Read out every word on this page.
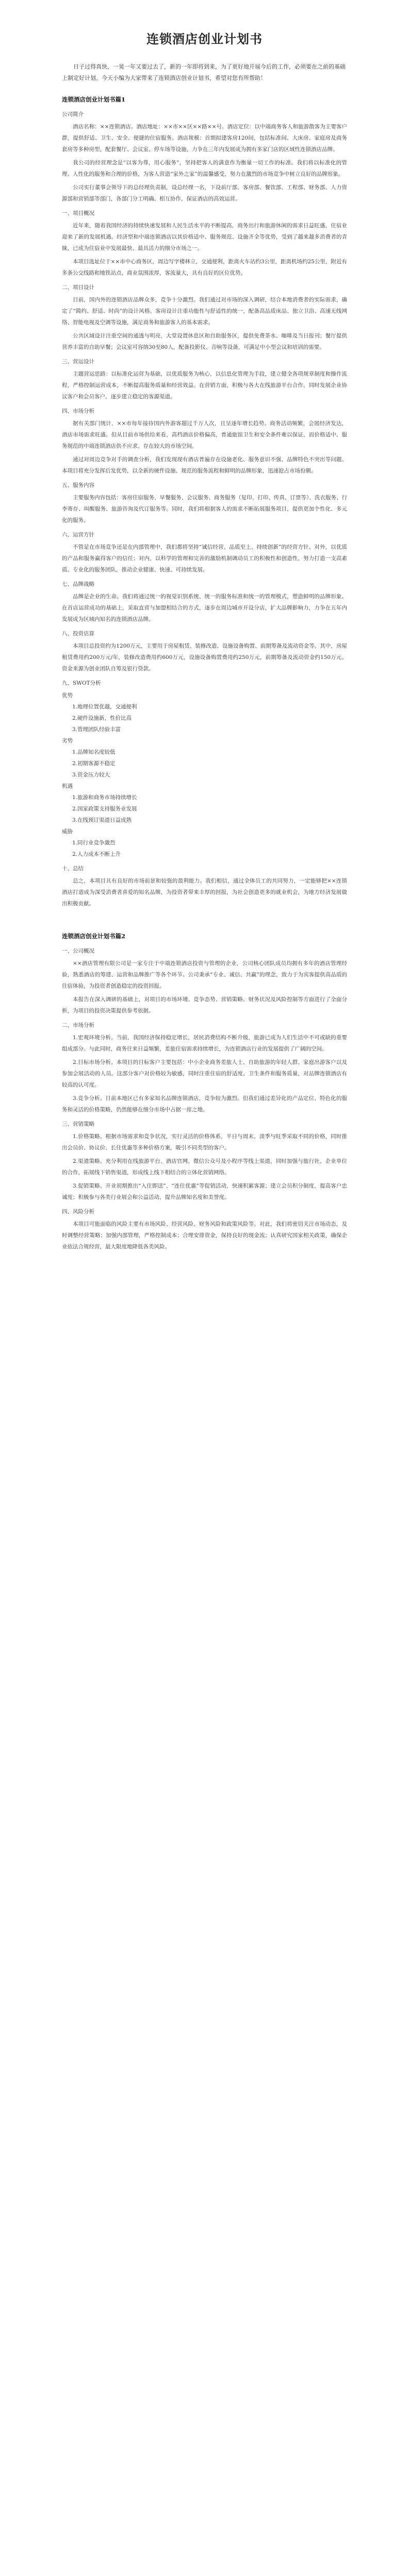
连锁酒店创业计划书

日子过得真快，一晃一年又要过去了，新的一年即将到来，为了更好地开展今后的工作，必须要在之前的基础上制定好计划。今天小编为大家带来了连锁酒店创业计划书，希望对您有所帮助！

连锁酒店创业计划书篇1

公司简介

酒店名称：××连锁酒店。酒店地址：××市××区××路××号。酒店定位：以中端商务客人和旅游散客为主要客户群，提供舒适、卫生、安全、便捷的住宿服务。酒店规模：首期拟建客房120间，包括标准间、大床房、家庭房及商务套房等多种房型，配套餐厅、会议室、停车场等设施，力争在三年内发展成为拥有多家门店的区域性连锁酒店品牌。

我公司的经营理念是“以客为尊，用心服务”，坚持把客人的满意作为衡量一切工作的标准。我们将以标准化的管理、人性化的服务和合理的价格，为客人营造“家外之家”的温馨感受，努力在激烈的市场竞争中树立良好的品牌形象。

公司实行董事会领导下的总经理负责制，设总经理一名，下设前厅部、客房部、餐饮部、工程部、财务部、人力资源部和营销部等部门，各部门分工明确、相互协作，保证酒店的高效运营。

一、项目概况

近年来，随着我国经济的持续快速发展和人民生活水平的不断提高，商务出行和旅游休闲的需求日益旺盛，住宿业迎来了新的发展机遇。经济型和中端连锁酒店以其价格适中、服务规范、设施齐全等优势，受到了越来越多消费者的青睐，已成为住宿业中发展最快、最具活力的细分市场之一。

本项目选址位于××市中心商务区，周边写字楼林立，交通便利，距离火车站约3公里，距离机场约25公里，附近有多条公交线路和地铁站点，商业氛围浓厚，客流量大，具有良好的区位优势。

二、项目设计

目前，国内外的连锁酒店品牌众多，竞争十分激烈。我们通过对市场的深入调研，结合本地消费者的实际需求，确定了“简约、舒适、时尚”的设计风格。客房设计注重功能性与舒适性的统一，配备高品质床品、独立卫浴、高速无线网络、智能电视及空调等设施，满足商务和旅游客人的基本需求。

公共区域设计注重空间的通透与明亮，大堂设置休息区和自助服务区，提供免费茶水、咖啡及当日报刊；餐厅提供营养丰富的自助早餐；会议室可容纳30至80人，配备投影仪、音响等设备，可满足中小型会议和培训的需要。

三、营运设计

主题营运思路：以标准化运营为基础，以优质服务为核心，以信息化管理为手段，建立健全各项规章制度和操作流程，严格控制运营成本，不断提高服务质量和经营效益。在营销方面，积极与各大在线旅游平台合作，同时发展企业协议客户和会员客户，逐步建立稳定的客源渠道。

四、市场分析

据有关部门统计，××市每年接待国内外游客超过千万人次，且呈逐年增长趋势。商务活动频繁，会展经济发达，酒店市场需求旺盛。但从目前市场供给来看，高档酒店价格偏高，普通旅馆卫生和安全条件难以保证，而价格适中、服务规范的中端连锁酒店供不应求，存在较大的市场空间。

通过对周边竞争对手的调查分析，我们发现现有酒店普遍存在设施老化、服务意识不强、品牌特色不突出等问题。本项目将充分发挥后发优势，以全新的硬件设施、规范的服务流程和鲜明的品牌形象，迅速抢占市场份额。

五、服务内容

主要服务内容包括：客房住宿服务、早餐服务、会议服务、商务服务（复印、打印、传真、订票等）、洗衣服务、行李寄存、叫醒服务、旅游咨询及代订服务等。同时，我们将根据客人的需求不断拓展服务项目，提供更加个性化、多元化的服务。

六、运营方针

不管是在市场竞争还是在内部管理中，我们都将坚持“诚信经营、品质至上、持续创新”的经营方针。对外，以优质的产品和服务赢得客户的信任；对内，以科学的管理和完善的激励机制调动员工的积极性和创造性，努力打造一支高素质、专业化的服务团队，推动企业健康、快速、可持续发展。

七、品牌战略

品牌是企业的生命。我们将通过统一的视觉识别系统、统一的服务标准和统一的管理模式，塑造鲜明的品牌形象。在首店运营成功的基础上，采取直营与加盟相结合的方式，逐步在周边城市开设分店，扩大品牌影响力，力争在五年内发展成为区域内知名的连锁酒店品牌。

八、投资估算

本项目总投资约为1200万元，主要用于房屋租赁、装修改造、设施设备购置、前期筹备及流动资金等。其中，房屋租赁费用约200万元/年，装修改造费用约600万元，设施设备购置费用约250万元，前期筹备及流动资金约150万元。资金来源为创业团队自筹及银行贷款。

九、SWOT分析

优势

1.地理位置优越，交通便利

2.硬件设施新，性价比高

3.管理团队经验丰富

劣势

1.品牌知名度较低

2.初期客源不稳定

3.资金压力较大

机遇

1.旅游和商务市场持续增长

2.国家政策支持服务业发展

3.在线预订渠道日益成熟

威胁

1.同行业竞争激烈

2.人力成本不断上升

十、总结

总之，本项目具有良好的市场前景和较强的盈利能力。我们相信，通过全体员工的共同努力，一定能够把××连锁酒店打造成为深受消费者喜爱的知名品牌，为投资者带来丰厚的回报，为社会创造更多的就业机会，为地方经济发展做出积极贡献。

连锁酒店创业计划书篇2

一、公司概况

××酒店管理有限公司是一家专注于中端连锁酒店投资与管理的企业，公司核心团队成员均拥有多年的酒店管理经验，熟悉酒店的筹建、运营和品牌推广等各个环节。公司秉承“专业、诚信、共赢”的理念，致力于为宾客提供高品质的住宿体验，为投资者创造稳定的投资回报。

本报告在深入调研的基础上，对项目的市场环境、竞争态势、营销策略、财务状况及风险控制等方面进行了全面分析，为项目的投资决策提供参考依据。

二、市场分析

1.宏观环境分析。当前，我国经济保持稳定增长，居民消费结构不断升级，旅游已成为人们生活中不可或缺的重要组成部分。与此同时，商务往来日益频繁，差旅住宿需求持续增长，为连锁酒店行业的发展提供了广阔的空间。

2.目标市场分析。本项目的目标客户主要包括：中小企业商务差旅人士、自助旅游的年轻人群、家庭出游客户以及参加会展活动的人员。这部分客户对价格较为敏感，同时注重住宿的舒适度、卫生条件和服务质量，对品牌连锁酒店有较高的认可度。

3.竞争分析。目前本地区已有多家知名品牌连锁酒店，竞争较为激烈。但我们通过差异化的产品定位、特色化的服务和灵活的价格策略，仍然能够在细分市场中占据一席之地。

三、营销策略

1.价格策略。根据市场需求和竞争状况，实行灵活的价格体系，平日与周末、淡季与旺季采取不同的价格，同时推出会员价、协议价、长住优惠等多种价格方案，吸引不同类型的客户。

2.渠道策略。充分利用在线旅游平台、酒店官网、微信公众号及小程序等线上渠道，同时加强与旅行社、企业单位的合作，拓展线下销售渠道，形成线上线下相结合的立体化营销网络。

3.促销策略。开业初期推出“入住即送”、“连住优惠”等促销活动，快速积累客源；建立会员积分制度，提高客户忠诚度；积极参与各类行业展会和公益活动，提升品牌知名度和美誉度。

四、风险分析

本项目可能面临的风险主要有市场风险、经营风险、财务风险和政策风险等。对此，我们将密切关注市场动态，及时调整经营策略；加强内部管理，严格控制成本；合理安排资金，保持良好的现金流；认真研究国家相关政策，确保企业依法合规经营，最大限度地降低各类风险。
